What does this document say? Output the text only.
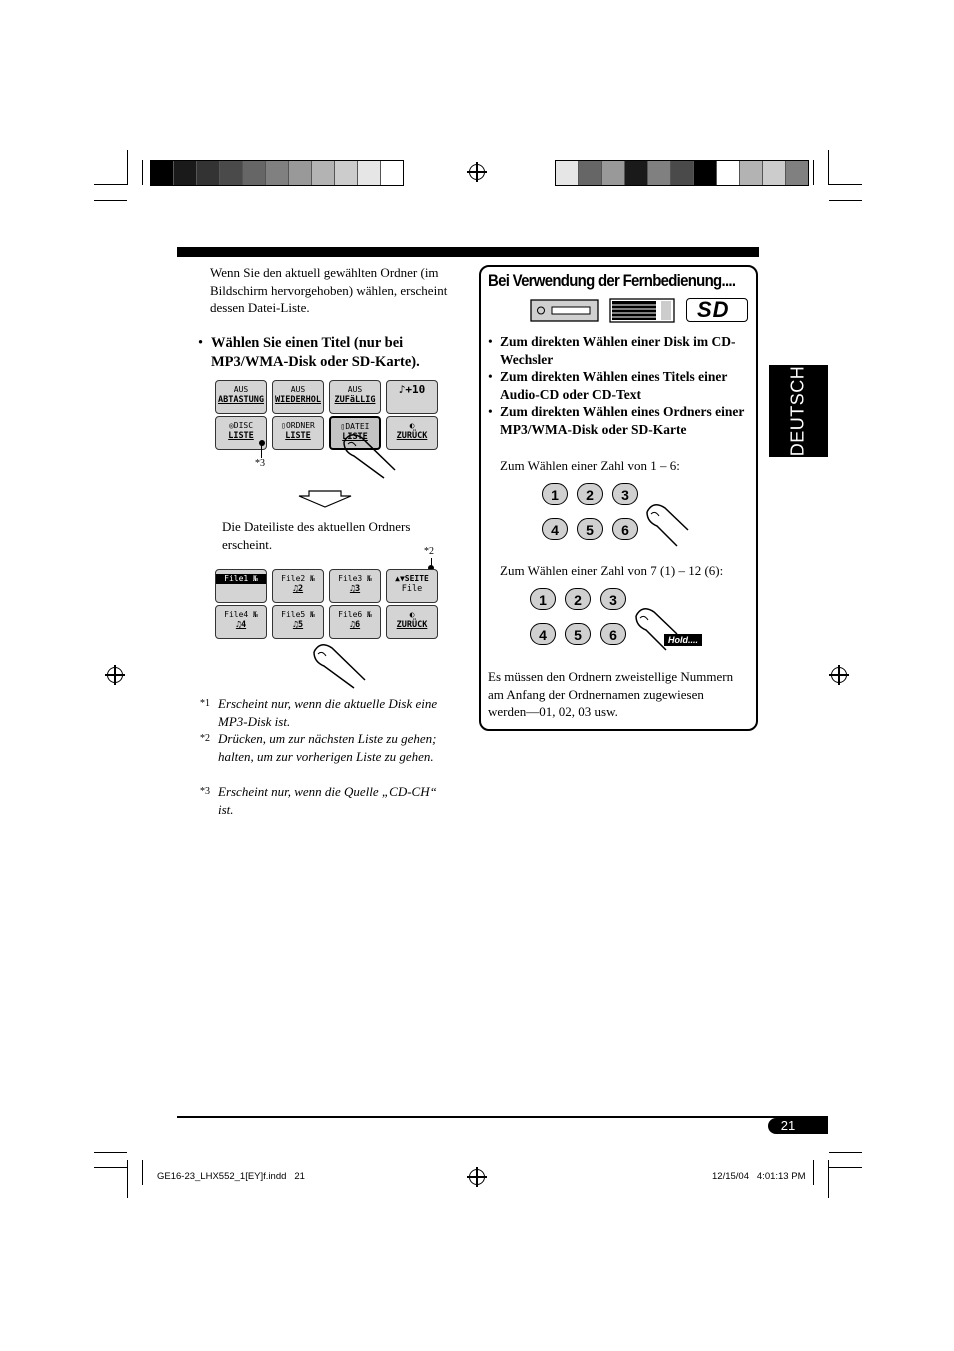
Wenn Sie den aktuell gewählten Ordner (im Bildschirm hervorgehoben) wählen, erscheint dessen Datei-Liste.
• Wählen Sie einen Titel (nur bei MP3/WMA-Disk oder SD-Karte).
AUS
ABTASTUNG
AUS
WIEDERHOL
AUS
ZUFäLLIG
♪+10
◎DISC
LISTE
▯ORDNER
LISTE
▯DATEI
LISTE
◐
ZURÜCK
*3
Die Dateiliste des aktuellen Ordners erscheint.	*2
File1 №	File2 №
♫2
File3 №
♫3
▲▼SEITE
File
File4 №
♫4
File5 №
♫5
File6 №
♫6
◐
ZURÜCK
*1 Erscheint nur, wenn die aktuelle Disk eine MP3-Disk ist.
*2 Drücken, um zur nächsten Liste zu gehen; halten, um zur vorherigen Liste zu gehen.
*3 Erscheint nur, wenn die Quelle „CD-CH“ ist.
Bei Verwendung der Fernbedienung....
SD
• Zum direkten Wählen einer Disk im CD-Wechsler
• Zum direkten Wählen eines Titels einer Audio-CD oder CD-Text
• Zum direkten Wählen eines Ordners einer MP3/WMA-Disk oder SD-Karte
Zum Wählen einer Zahl von 1 – 6:
1	2	3
4	5	6
Zum Wählen einer Zahl von 7 (1) – 12 (6):
1	2	3
4	5	6	Hold....
Es müssen den Ordnern zweistellige Nummern am Anfang der Ordnernamen zugewiesen werden—01, 02, 03 usw.
DEUTSCH
21
GE16-23_LHX552_1[EY]f.indd   21	12/15/04   4:01:13 PM
